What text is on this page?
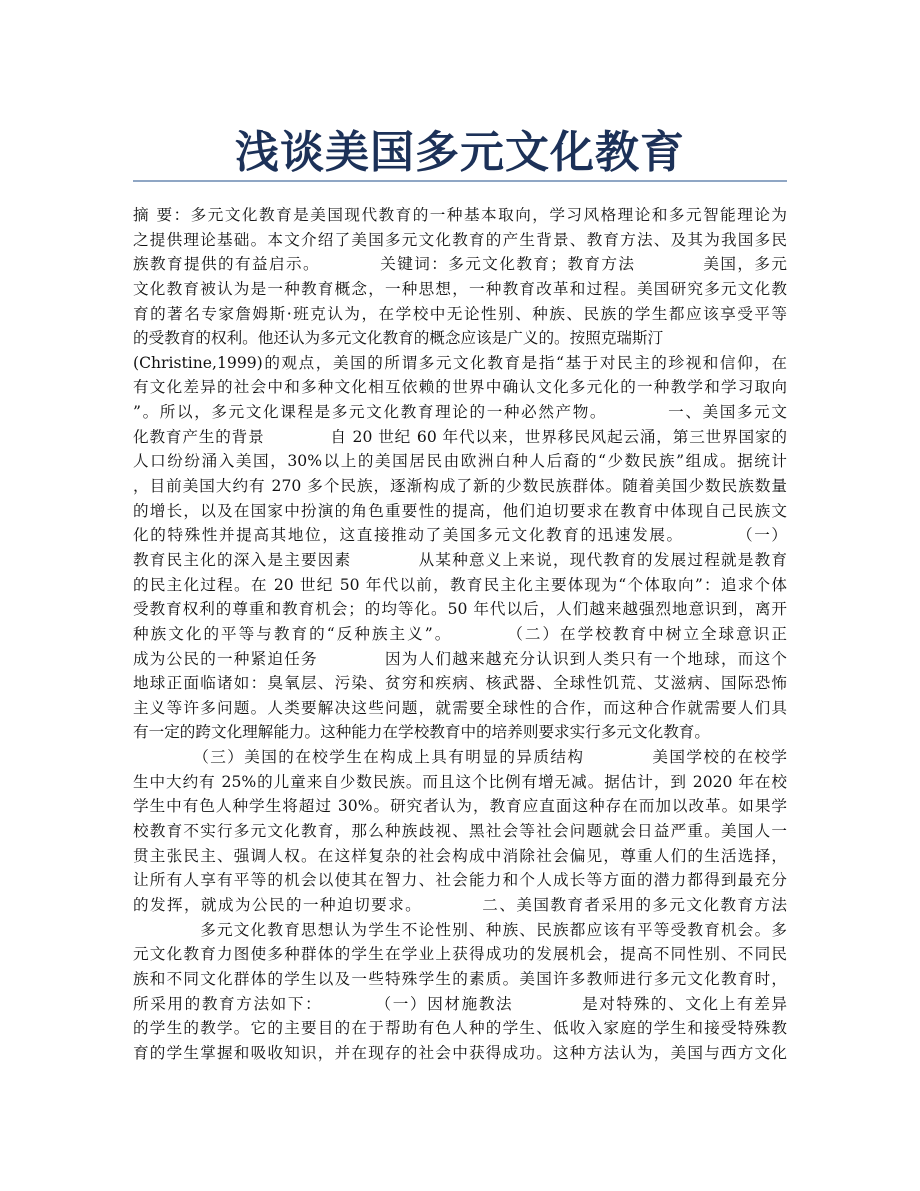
浅谈美国多元文化教育
摘 要：多元文化教育是美国现代教育的一种基本取向，学习风格理论和多元智能理论为
之提供理论基础。本文介绍了美国多元文化教育的产生背景、教育方法、及其为我国多民
族教育提供的有益启示。　　　　关键词：多元文化教育；教育方法　　　　美国，多元
文化教育被认为是一种教育概念，一种思想，一种教育改革和过程。美国研究多元文化教
育的著名专家詹姆斯·班克认为，在学校中无论性别、种族、民族的学生都应该享受平等
的受教育的权利。他还认为多元文化教育的概念应该是广义的。按照克瑞斯汀
(Christine,1999)的观点，美国的所谓多元文化教育是指“基于对民主的珍视和信仰，在
有文化差异的社会中和多种文化相互依赖的世界中确认文化多元化的一种教学和学习取向
”。所以，多元文化课程是多元文化教育理论的一种必然产物。　　　　一、美国多元文
化教育产生的背景　　　　自 20 世纪 60 年代以来，世界移民风起云涌，第三世界国家的
人口纷纷涌入美国，30%以上的美国居民由欧洲白种人后裔的“少数民族”组成。据统计
，目前美国大约有 270 多个民族，逐渐构成了新的少数民族群体。随着美国少数民族数量
的增长，以及在国家中扮演的角色重要性的提高，他们迫切要求在教育中体现自己民族文
化的特殊性并提高其地位，这直接推动了美国多元文化教育的迅速发展。　　　　（一）
教育民主化的深入是主要因素　　　　从某种意义上来说，现代教育的发展过程就是教育
的民主化过程。在 20 世纪 50 年代以前，教育民主化主要体现为“个体取向”：追求个体
受教育权利的尊重和教育机会；的均等化。50 年代以后，人们越来越强烈地意识到，离开
种族文化的平等与教育的“反种族主义”。　　　　（二）在学校教育中树立全球意识正
成为公民的一种紧迫任务　　　　因为人们越来越充分认识到人类只有一个地球，而这个
地球正面临诸如：臭氧层、污染、贫穷和疾病、核武器、全球性饥荒、艾滋病、国际恐怖
主义等许多问题。人类要解决这些问题，就需要全球性的合作，而这种合作就需要人们具
有一定的跨文化理解能力。这种能力在学校教育中的培养则要求实行多元文化教育。
　　　　（三）美国的在校学生在构成上具有明显的异质结构　　　　美国学校的在校学
生中大约有 25%的儿童来自少数民族。而且这个比例有增无减。据估计，到 2020 年在校
学生中有色人种学生将超过 30%。研究者认为，教育应直面这种存在而加以改革。如果学
校教育不实行多元文化教育，那么种族歧视、黑社会等社会问题就会日益严重。美国人一
贯主张民主、强调人权。在这样复杂的社会构成中消除社会偏见，尊重人们的生活选择，
让所有人享有平等的机会以使其在智力、社会能力和个人成长等方面的潜力都得到最充分
的发挥，就成为公民的一种迫切要求。　　　　二、美国教育者采用的多元文化教育方法
　　　　多元文化教育思想认为学生不论性别、种族、民族都应该有平等受教育机会。多
元文化教育力图使多种群体的学生在学业上获得成功的发展机会，提高不同性别、不同民
族和不同文化群体的学生以及一些特殊学生的素质。美国许多教师进行多元文化教育时，
所采用的教育方法如下：　　　　（一）因材施教法　　　　是对特殊的、文化上有差异
的学生的教学。它的主要目的在于帮助有色人种的学生、低收入家庭的学生和接受特殊教
育的学生掌握和吸收知识，并在现存的社会中获得成功。这种方法认为，美国与西方文化
